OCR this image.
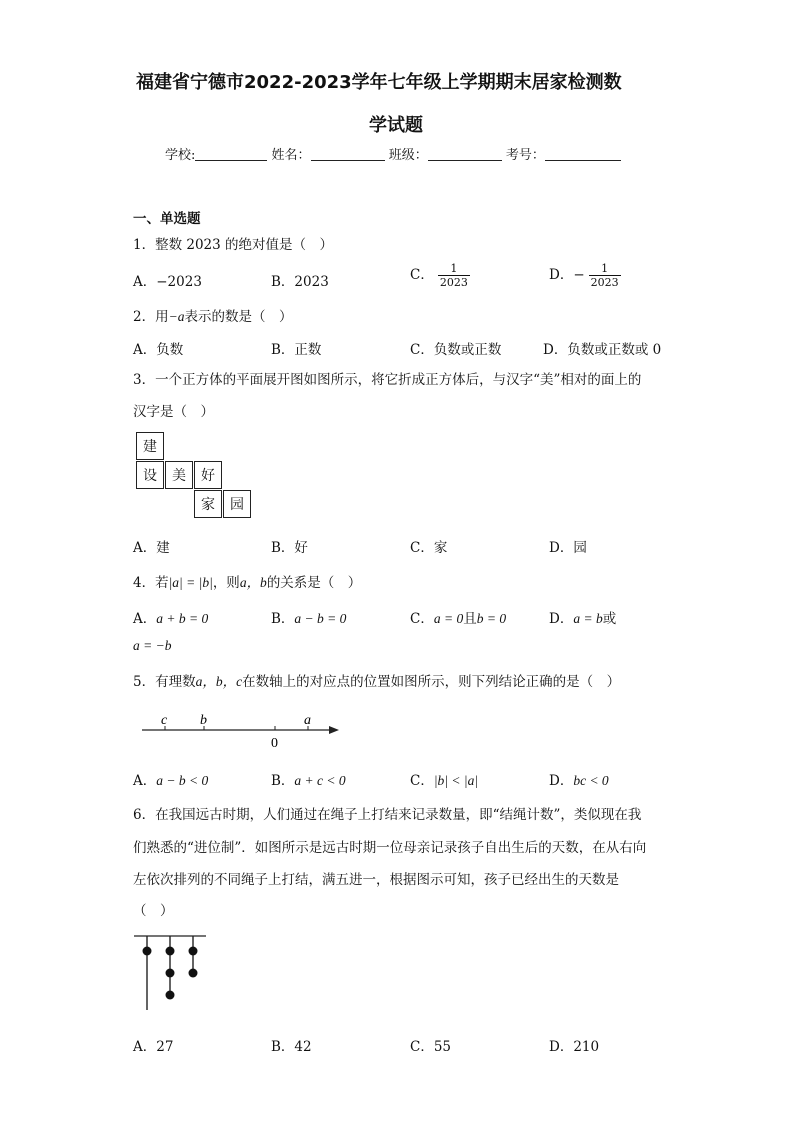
福建省宁德市2022-2023学年七年级上学期期末居家检测数
学试题
学校:	姓名：	班级：	考号：
一、单选题
1．整数 2023 的绝对值是（　）
A．−2023	B．2023	C． $\frac{1}{2023}$	D．− $\frac{1}{2023}$
2．用−a表示的数是（　）
A．负数	B．正数	C．负数或正数	D．负数或正数或 0
3．一个正方体的平面展开图如图所示，将它折成正方体后，与汉字“美”相对的面上的
汉字是（　）
建
设	美	好
家	园
A．建	B．好	C．家	D．园
4．若|a| = |b|，则a，b的关系是（　）
A．a + b = 0	B．a − b = 0	C．a = 0且b = 0	D．a = b或
a = −b
5．有理数a，b，c在数轴上的对应点的位置如图所示，则下列结论正确的是（　）
c b
0
a
A．a − b < 0	B．a + c < 0	C．|b| < |a|	D．bc < 0
6．在我国远古时期，人们通过在绳子上打结来记录数量，即“结绳计数”，类似现在我
们熟悉的“进位制”．如图所示是远古时期一位母亲记录孩子自出生后的天数，在从右向
左依次排列的不同绳子上打结，满五进一，根据图示可知，孩子已经出生的天数是
（　）
A．27	B．42	C．55	D．210
